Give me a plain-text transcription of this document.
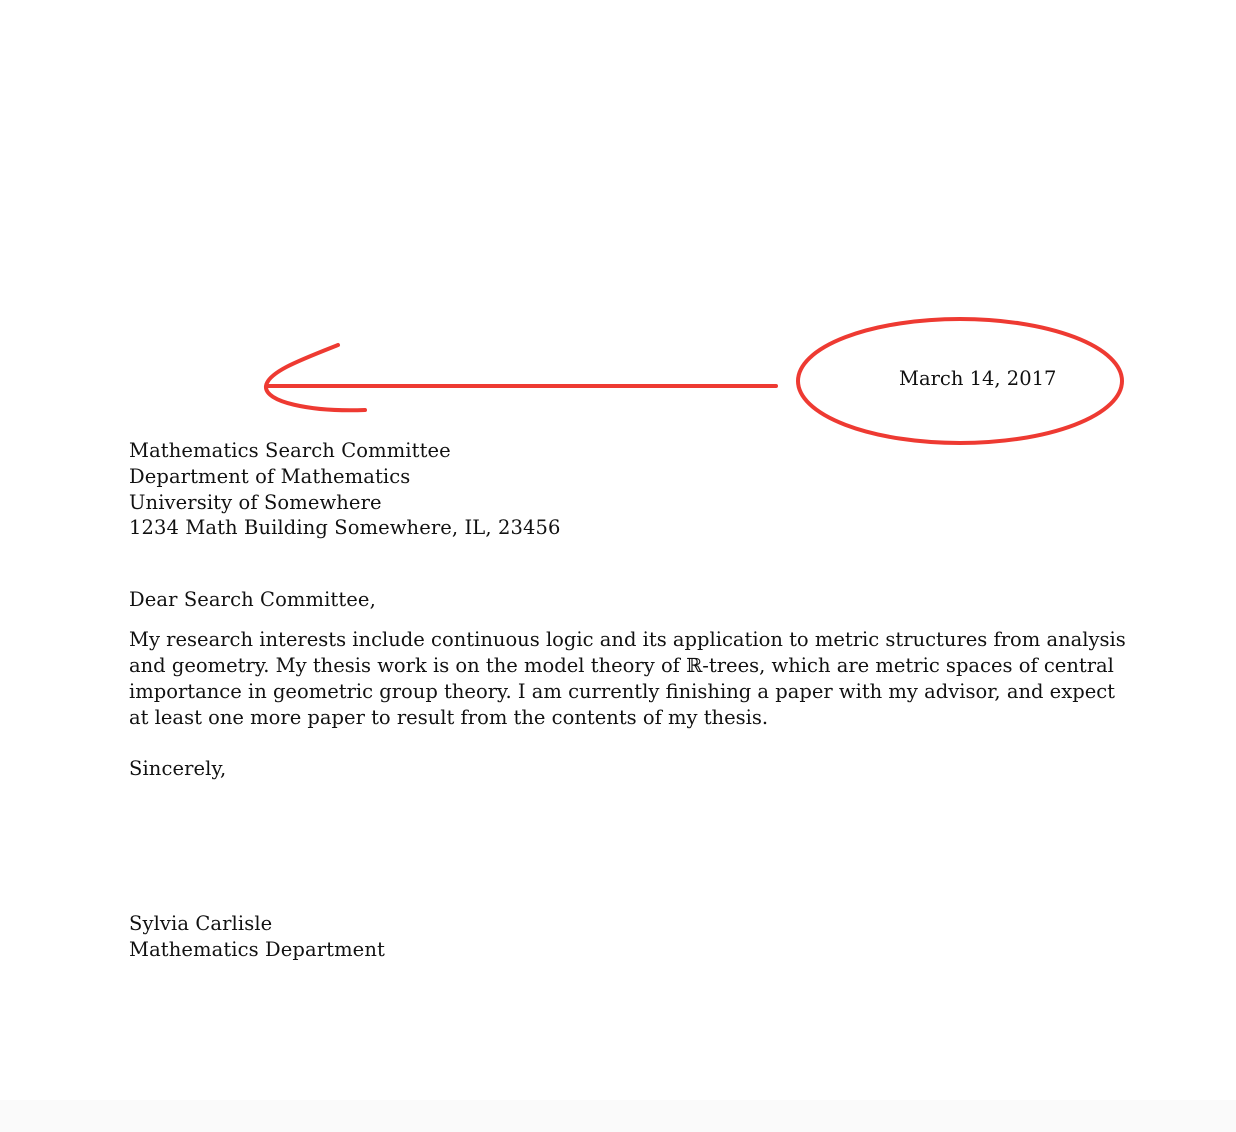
March 14, 2017
Mathematics Search Committee
Department of Mathematics
University of Somewhere
1234 Math Building Somewhere, IL, 23456
Dear Search Committee,
My research interests include continuous logic and its application to metric structures from analysis
and geometry. My thesis work is on the model theory of ℝ-trees, which are metric spaces of central
importance in geometric group theory. I am currently finishing a paper with my advisor, and expect
at least one more paper to result from the contents of my thesis.
Sincerely,
Sylvia Carlisle
Mathematics Department
